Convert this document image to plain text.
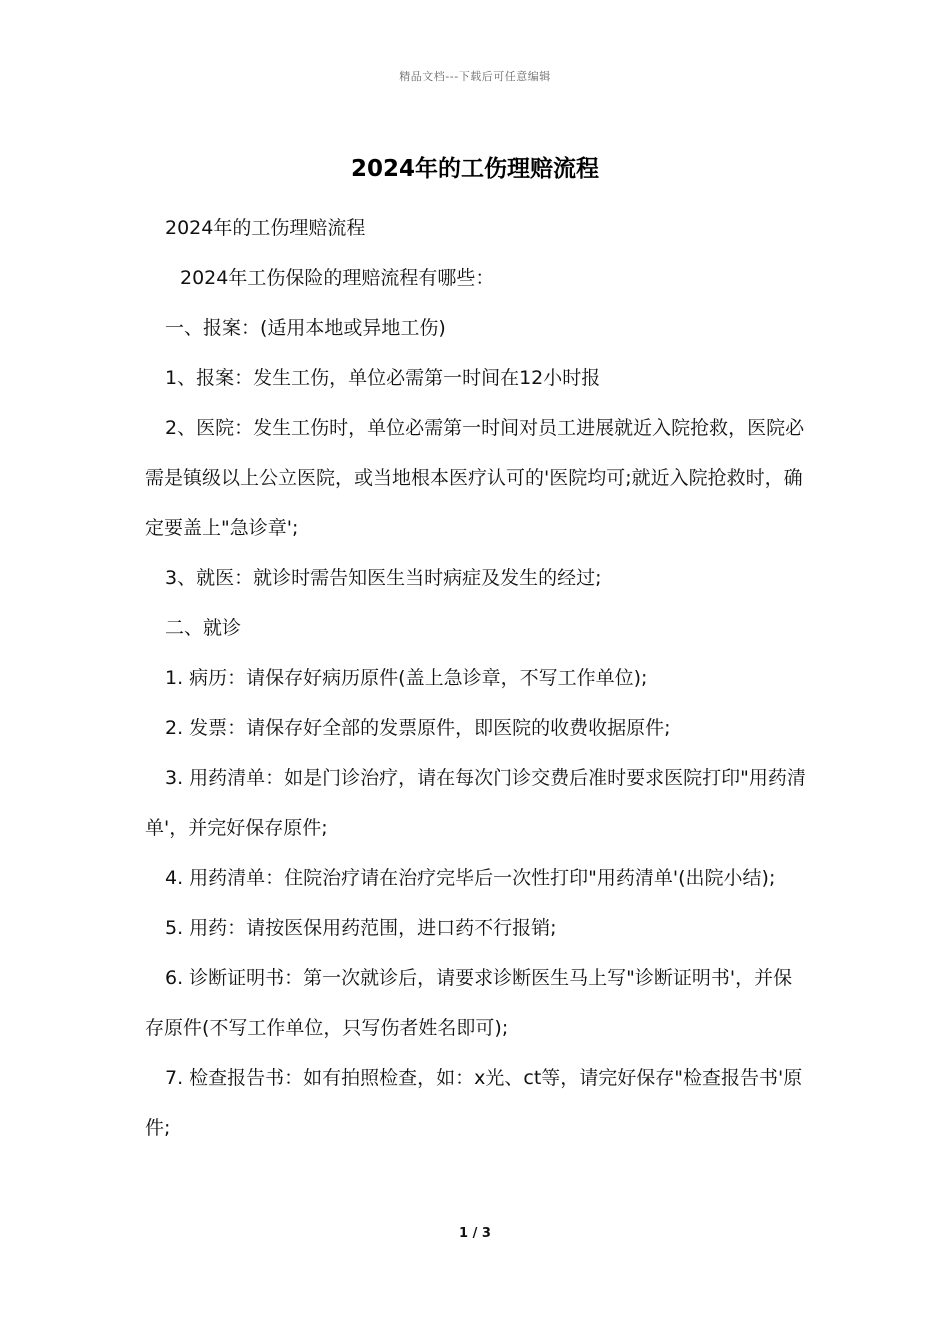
精品文档---下载后可任意编辑
2024年的工伤理赔流程

2024年的工伤理赔流程

2024年工伤保险的理赔流程有哪些：

一、报案：(适用本地或异地工伤)

1、报案：发生工伤，单位必需第一时间在12小时报

2、医院：发生工伤时，单位必需第一时间对员工进展就近入院抢救，医院必需是镇级以上公立医院，或当地根本医疗认可的'医院均可;就近入院抢救时，确定要盖上"急诊章';

3、就医：就诊时需告知医生当时病症及发生的经过;

二、就诊

1. 病历：请保存好病历原件(盖上急诊章，不写工作单位);

2. 发票：请保存好全部的发票原件，即医院的收费收据原件;

3. 用药清单：如是门诊治疗，请在每次门诊交费后准时要求医院打印"用药清单'，并完好保存原件;

4. 用药清单：住院治疗请在治疗完毕后一次性打印"用药清单'(出院小结);

5. 用药：请按医保用药范围，进口药不行报销;

6. 诊断证明书：第一次就诊后，请要求诊断医生马上写"诊断证明书'，并保存原件(不写工作单位，只写伤者姓名即可);

7. 检查报告书：如有拍照检查，如：x光、ct等，请完好保存"检查报告书'原件;

1 / 3
